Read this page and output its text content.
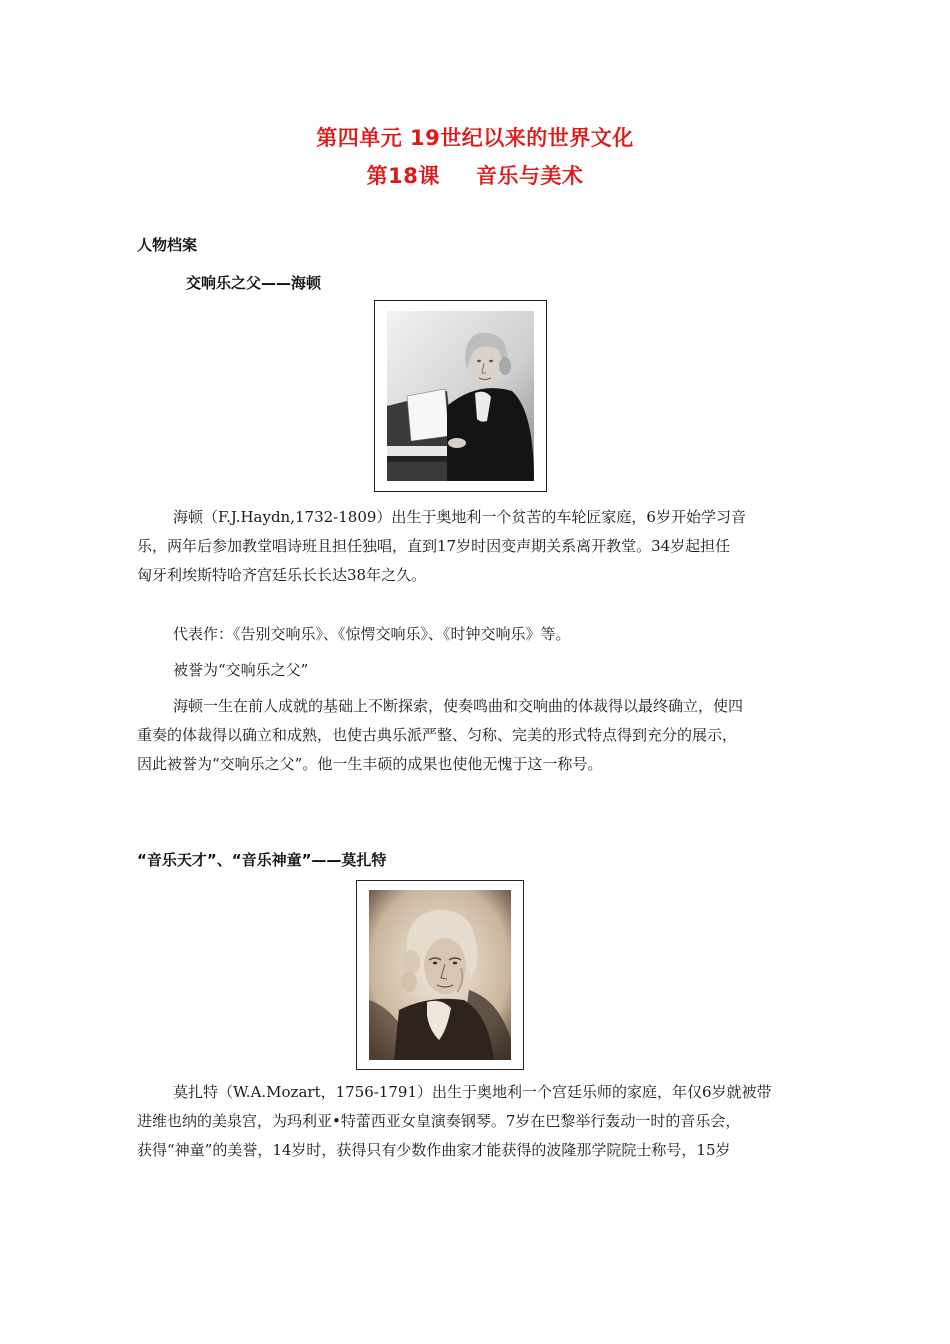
第四单元 19世纪以来的世界文化
第18课 音乐与美术
人物档案
交响乐之父——海顿
海顿（F.J.Haydn,1732-1809）出生于奥地利一个贫苦的车轮匠家庭，6岁开始学习音
乐，两年后参加教堂唱诗班且担任独唱，直到17岁时因变声期关系离开教堂。34岁起担任
匈牙利埃斯特哈齐宫廷乐长长达38年之久。
代表作：《告别交响乐》、《惊愕交响乐》、《时钟交响乐》等。
被誉为“交响乐之父”
海顿一生在前人成就的基础上不断探索，使奏鸣曲和交响曲的体裁得以最终确立，使四
重奏的体裁得以确立和成熟，也使古典乐派严整、匀称、完美的形式特点得到充分的展示，
因此被誉为“交响乐之父”。他一生丰硕的成果也使他无愧于这一称号。
“音乐天才”、“音乐神童”——莫扎特
莫扎特（W.A.Mozart，1756-1791）出生于奥地利一个宫廷乐师的家庭，年仅6岁就被带
进维也纳的美泉宫，为玛利亚•特蕾西亚女皇演奏钢琴。7岁在巴黎举行轰动一时的音乐会，
获得“神童”的美誉，14岁时，获得只有少数作曲家才能获得的波隆那学院院士称号，15岁
